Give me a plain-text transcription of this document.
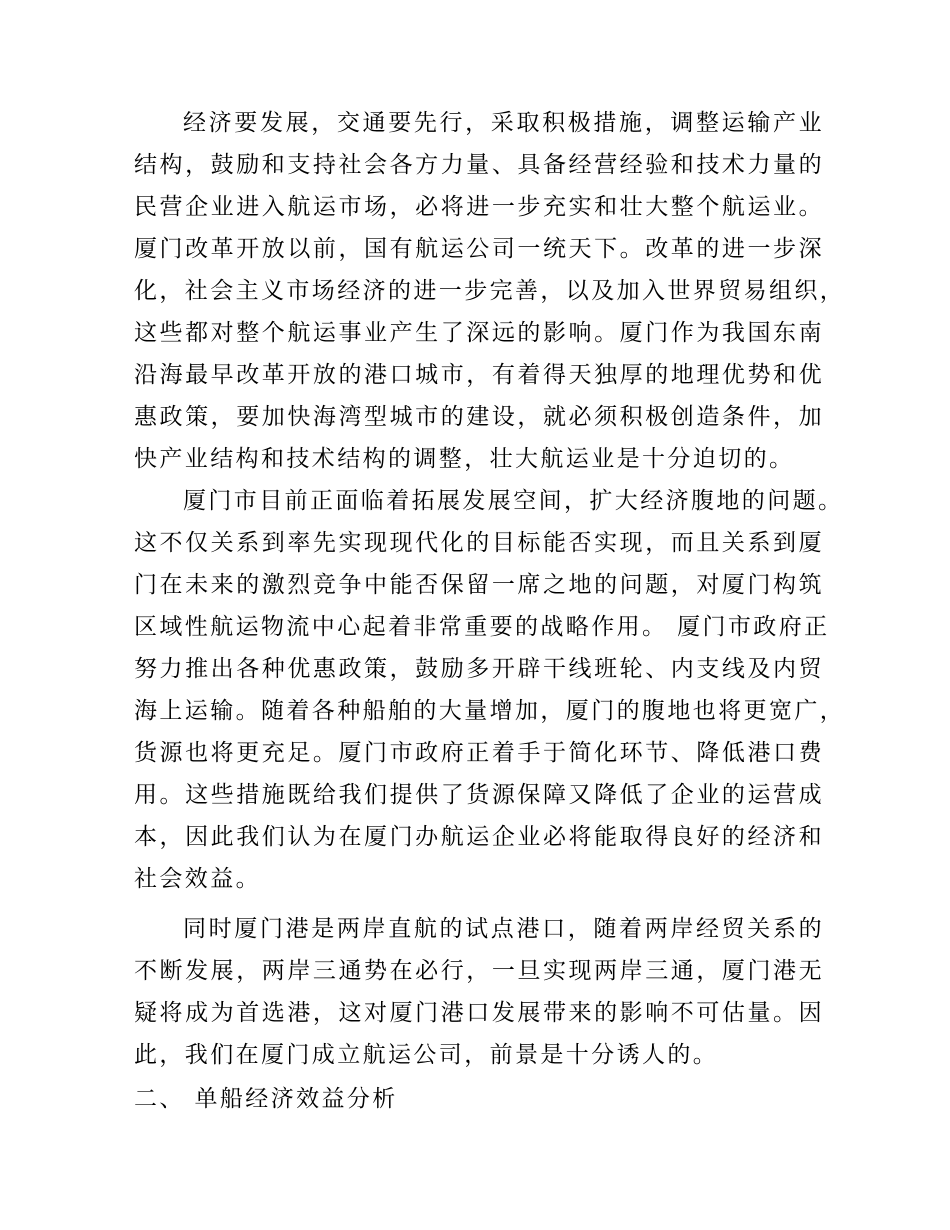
经济要发展，交通要先行，采取积极措施，调整运输产业
结构，鼓励和支持社会各方力量、具备经营经验和技术力量的
民营企业进入航运市场，必将进一步充实和壮大整个航运业。
厦门改革开放以前，国有航运公司一统天下。改革的进一步深
化，社会主义市场经济的进一步完善，以及加入世界贸易组织，
这些都对整个航运事业产生了深远的影响。厦门作为我国东南
沿海最早改革开放的港口城市，有着得天独厚的地理优势和优
惠政策，要加快海湾型城市的建设，就必须积极创造条件，加
快产业结构和技术结构的调整，壮大航运业是十分迫切的。
厦门市目前正面临着拓展发展空间，扩大经济腹地的问题。
这不仅关系到率先实现现代化的目标能否实现，而且关系到厦
门在未来的激烈竞争中能否保留一席之地的问题，对厦门构筑
区域性航运物流中心起着非常重要的战略作用。 厦门市政府正
努力推出各种优惠政策，鼓励多开辟干线班轮、内支线及内贸
海上运输。随着各种船舶的大量增加，厦门的腹地也将更宽广，
货源也将更充足。厦门市政府正着手于简化环节、降低港口费
用。这些措施既给我们提供了货源保障又降低了企业的运营成
本，因此我们认为在厦门办航运企业必将能取得良好的经济和
社会效益。
同时厦门港是两岸直航的试点港口，随着两岸经贸关系的
不断发展，两岸三通势在必行，一旦实现两岸三通，厦门港无
疑将成为首选港，这对厦门港口发展带来的影响不可估量。因
此，我们在厦门成立航运公司，前景是十分诱人的。
二、 单船经济效益分析
